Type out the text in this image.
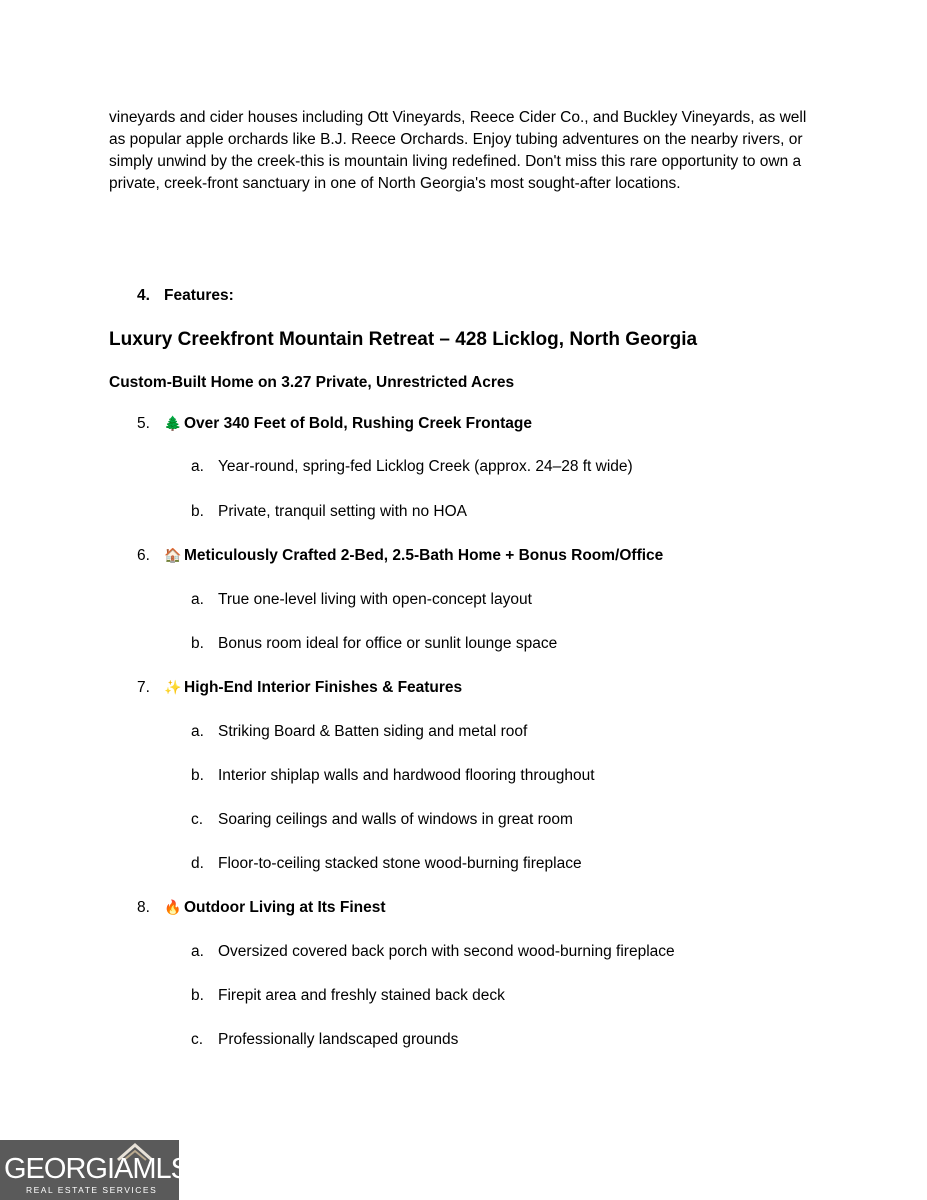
vineyards and cider houses including Ott Vineyards, Reece Cider Co., and Buckley Vineyards, as well as popular apple orchards like B.J. Reece Orchards. Enjoy tubing adventures on the nearby rivers, or simply unwind by the creek-this is mountain living redefined. Don't miss this rare opportunity to own a private, creek-front sanctuary in one of North Georgia's most sought-after locations.

4. Features:
Luxury Creekfront Mountain Retreat – 428 Licklog, North Georgia
Custom-Built Home on 3.27 Private, Unrestricted Acres
5. 🌲 Over 340 Feet of Bold, Rushing Creek Frontage
a. Year-round, spring-fed Licklog Creek (approx. 24–28 ft wide)
b. Private, tranquil setting with no HOA
6. 🏠 Meticulously Crafted 2-Bed, 2.5-Bath Home + Bonus Room/Office
a. True one-level living with open-concept layout
b. Bonus room ideal for office or sunlit lounge space
7. ✨ High-End Interior Finishes & Features
a. Striking Board & Batten siding and metal roof
b. Interior shiplap walls and hardwood flooring throughout
c. Soaring ceilings and walls of windows in great room
d. Floor-to-ceiling stacked stone wood-burning fireplace
8. 🔥 Outdoor Living at Its Finest
a. Oversized covered back porch with second wood-burning fireplace
b. Firepit area and freshly stained back deck
c. Professionally landscaped grounds
GEORGIAMLS
REAL ESTATE SERVICES
